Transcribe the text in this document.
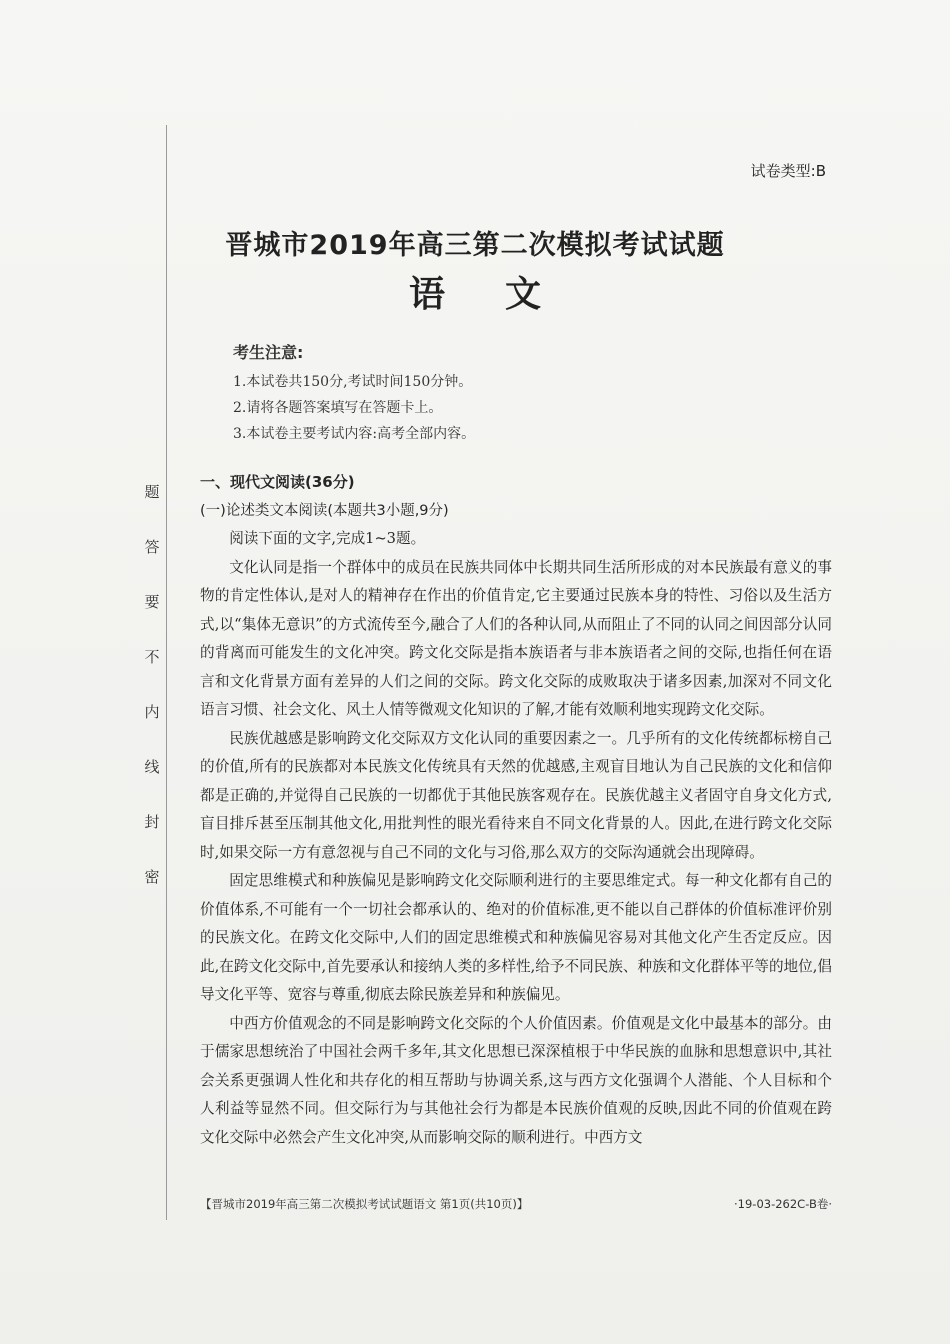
题
答
要
不
内
线
封
密
试卷类型:B
晋城市2019年高三第二次模拟考试试题
语文
考生注意:
1.本试卷共150分,考试时间150分钟。
2.请将各题答案填写在答题卡上。
3.本试卷主要考试内容:高考全部内容。
一、现代文阅读(36分)
(一)论述类文本阅读(本题共3小题,9分)

阅读下面的文字,完成1~3题。

文化认同是指一个群体中的成员在民族共同体中长期共同生活所形成的对本民族最有意义的事物的肯定性体认,是对人的精神存在作出的价值肯定,它主要通过民族本身的特性、习俗以及生活方式,以“集体无意识”的方式流传至今,融合了人们的各种认同,从而阻止了不同的认同之间因部分认同的背离而可能发生的文化冲突。跨文化交际是指本族语者与非本族语者之间的交际,也指任何在语言和文化背景方面有差异的人们之间的交际。跨文化交际的成败取决于诸多因素,加深对不同文化语言习惯、社会文化、风土人情等微观文化知识的了解,才能有效顺利地实现跨文化交际。

民族优越感是影响跨文化交际双方文化认同的重要因素之一。几乎所有的文化传统都标榜自己的价值,所有的民族都对本民族文化传统具有天然的优越感,主观盲目地认为自己民族的文化和信仰都是正确的,并觉得自己民族的一切都优于其他民族客观存在。民族优越主义者固守自身文化方式,盲目排斥甚至压制其他文化,用批判性的眼光看待来自不同文化背景的人。因此,在进行跨文化交际时,如果交际一方有意忽视与自己不同的文化与习俗,那么双方的交际沟通就会出现障碍。

固定思维模式和种族偏见是影响跨文化交际顺利进行的主要思维定式。每一种文化都有自己的价值体系,不可能有一个一切社会都承认的、绝对的价值标准,更不能以自己群体的价值标准评价别的民族文化。在跨文化交际中,人们的固定思维模式和种族偏见容易对其他文化产生否定反应。因此,在跨文化交际中,首先要承认和接纳人类的多样性,给予不同民族、种族和文化群体平等的地位,倡导文化平等、宽容与尊重,彻底去除民族差异和种族偏见。

中西方价值观念的不同是影响跨文化交际的个人价值因素。价值观是文化中最基本的部分。由于儒家思想统治了中国社会两千多年,其文化思想已深深植根于中华民族的血脉和思想意识中,其社会关系更强调人性化和共存化的相互帮助与协调关系,这与西方文化强调个人潜能、个人目标和个人利益等显然不同。但交际行为与其他社会行为都是本民族价值观的反映,因此不同的价值观在跨文化交际中必然会产生文化冲突,从而影响交际的顺利进行。中西方文

【晋城市2019年高三第二次模拟考试试题语文 第1页(共10页)】	·19-03-262C-B卷·
